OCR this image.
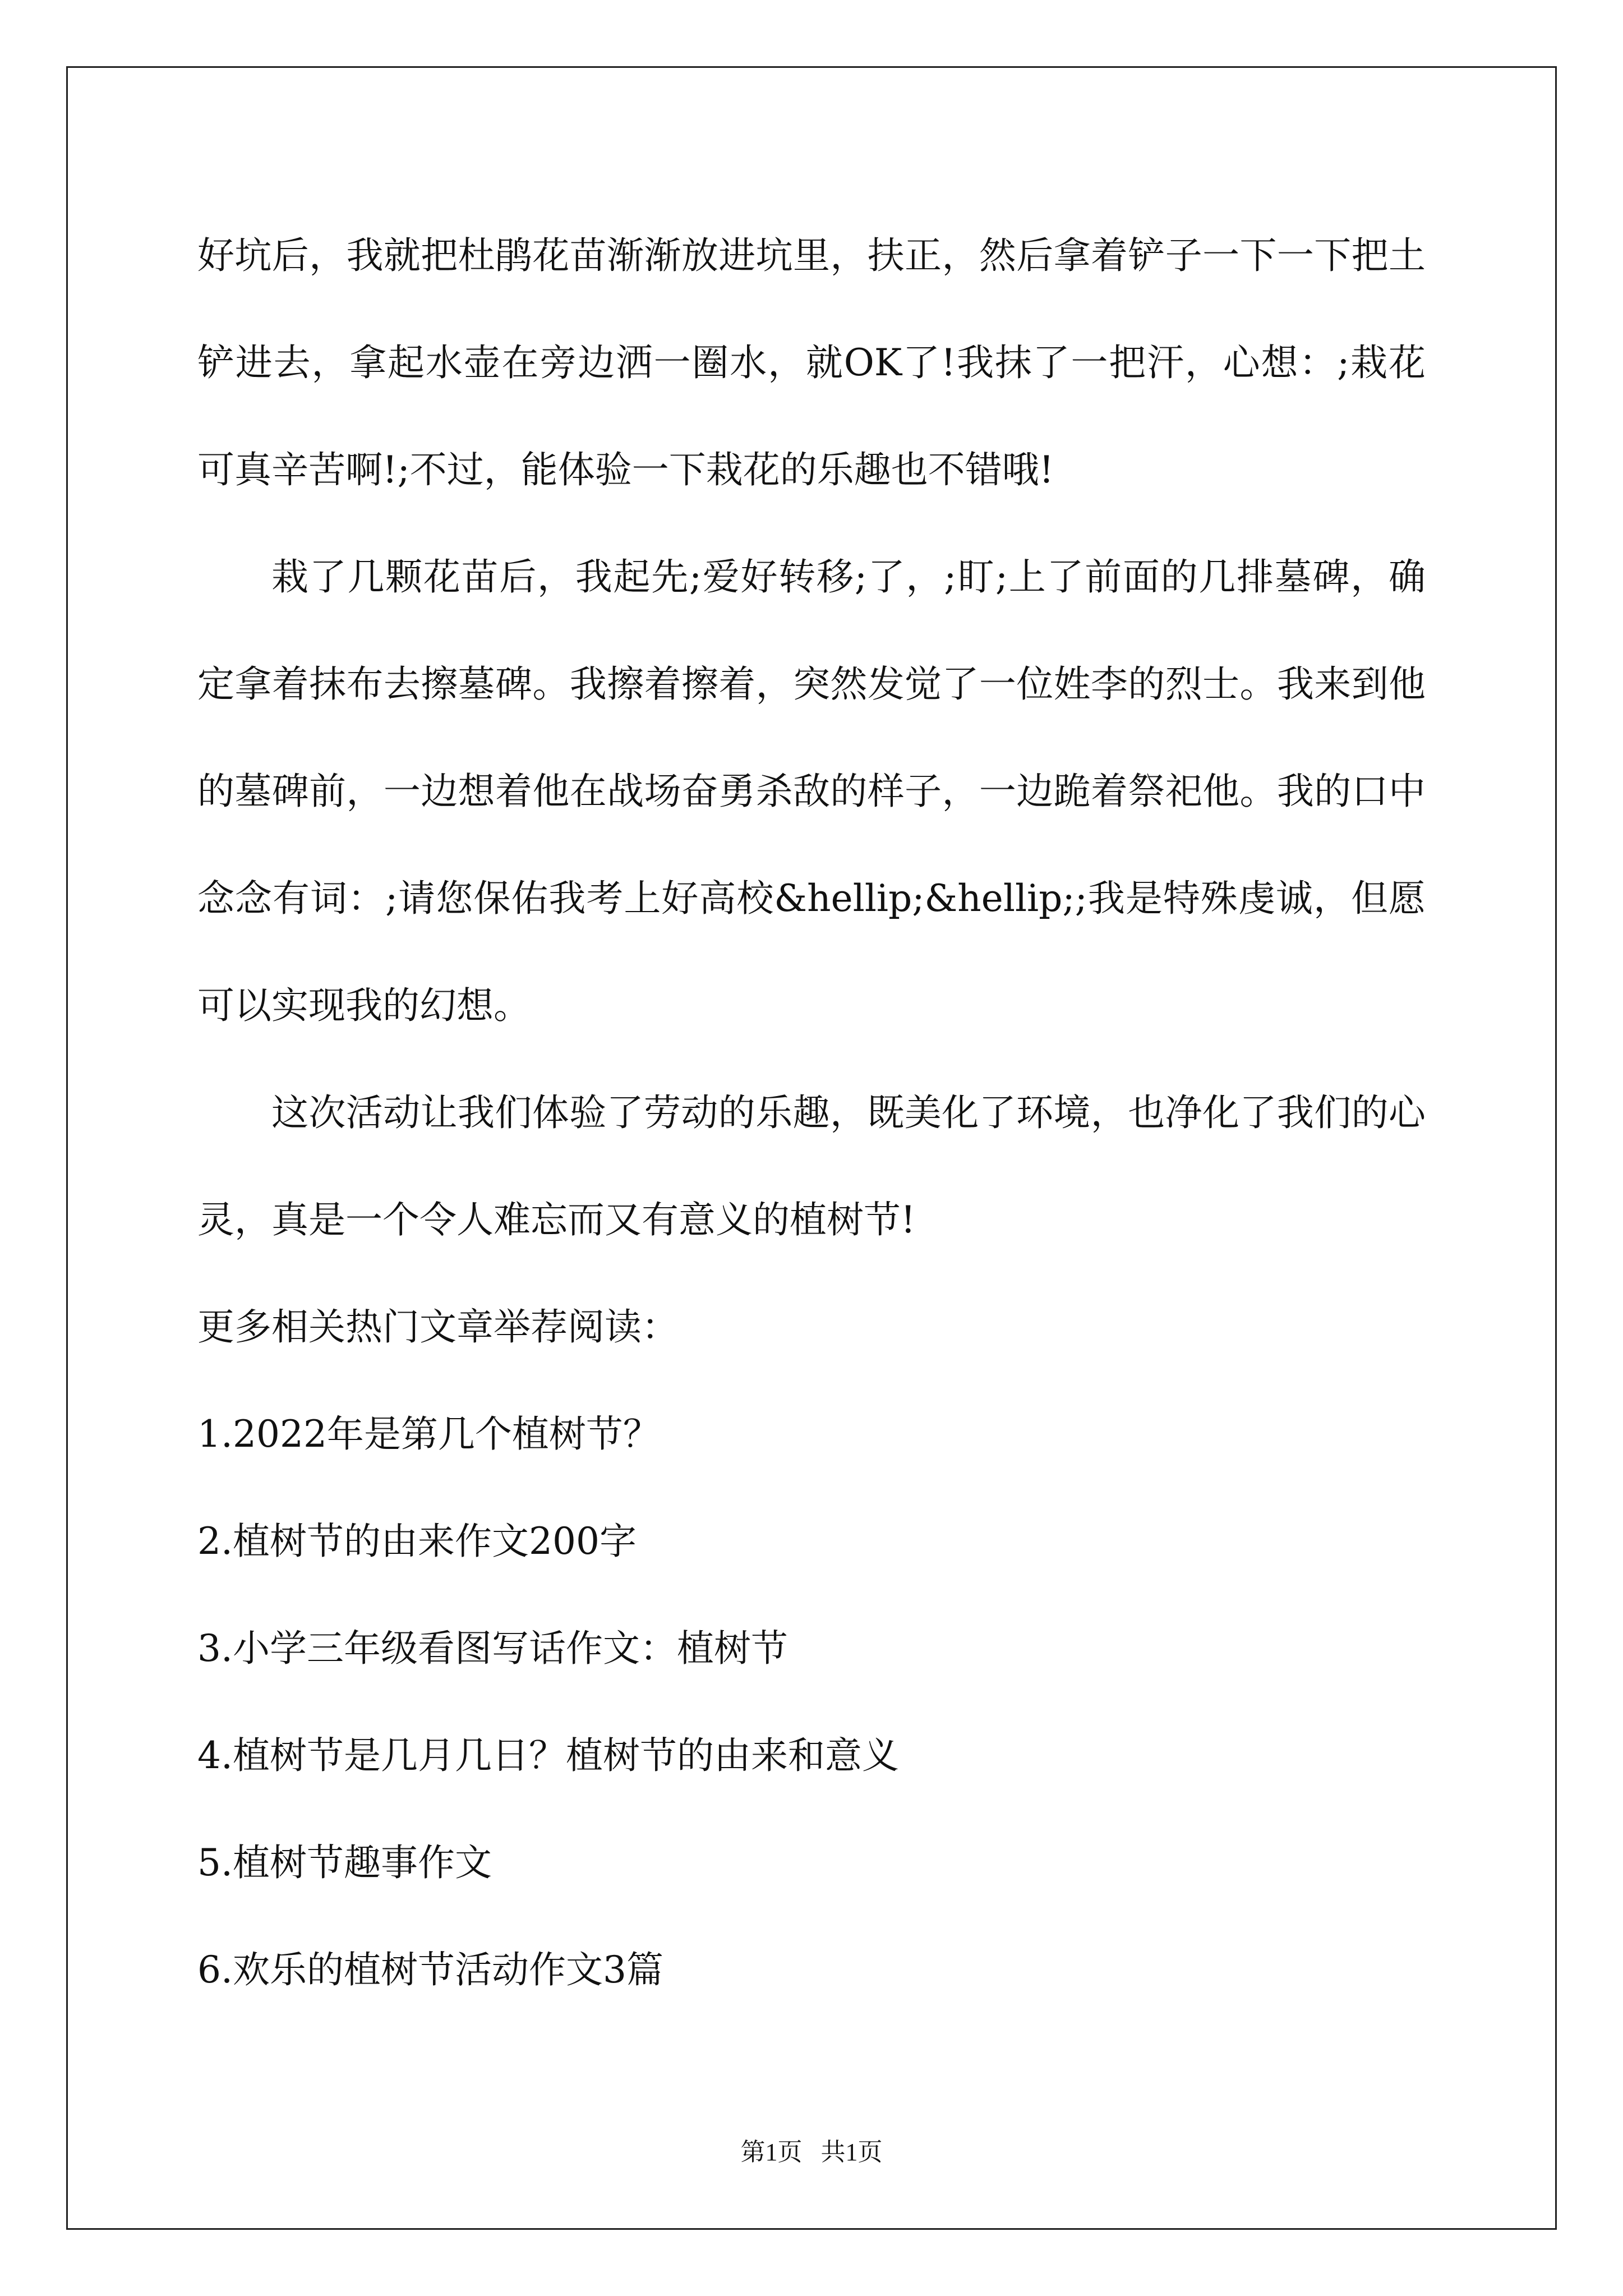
好坑后，我就把杜鹃花苗渐渐放进坑里，扶正，然后拿着铲子一下一下把土铲进去，拿起水壶在旁边洒一圈水，就OK了!我抹了一把汗，心想：;栽花可真辛苦啊!;不过，能体验一下栽花的乐趣也不错哦!

栽了几颗花苗后，我起先;爱好转移;了，;盯;上了前面的几排墓碑，确定拿着抹布去擦墓碑。我擦着擦着，突然发觉了一位姓李的烈士。我来到他的墓碑前，一边想着他在战场奋勇杀敌的样子，一边跪着祭祀他。我的口中念念有词：;请您保佑我考上好高校&hellip;&hellip;;我是特殊虔诚，但愿可以实现我的幻想。

这次活动让我们体验了劳动的乐趣，既美化了环境，也净化了我们的心灵，真是一个令人难忘而又有意义的植树节!

更多相关热门文章举荐阅读：

1.2022年是第几个植树节？
2.植树节的由来作文200字
3.小学三年级看图写话作文：植树节
4.植树节是几月几日？植树节的由来和意义
5.植树节趣事作文
6.欢乐的植树节活动作文3篇
第1页   共1页
